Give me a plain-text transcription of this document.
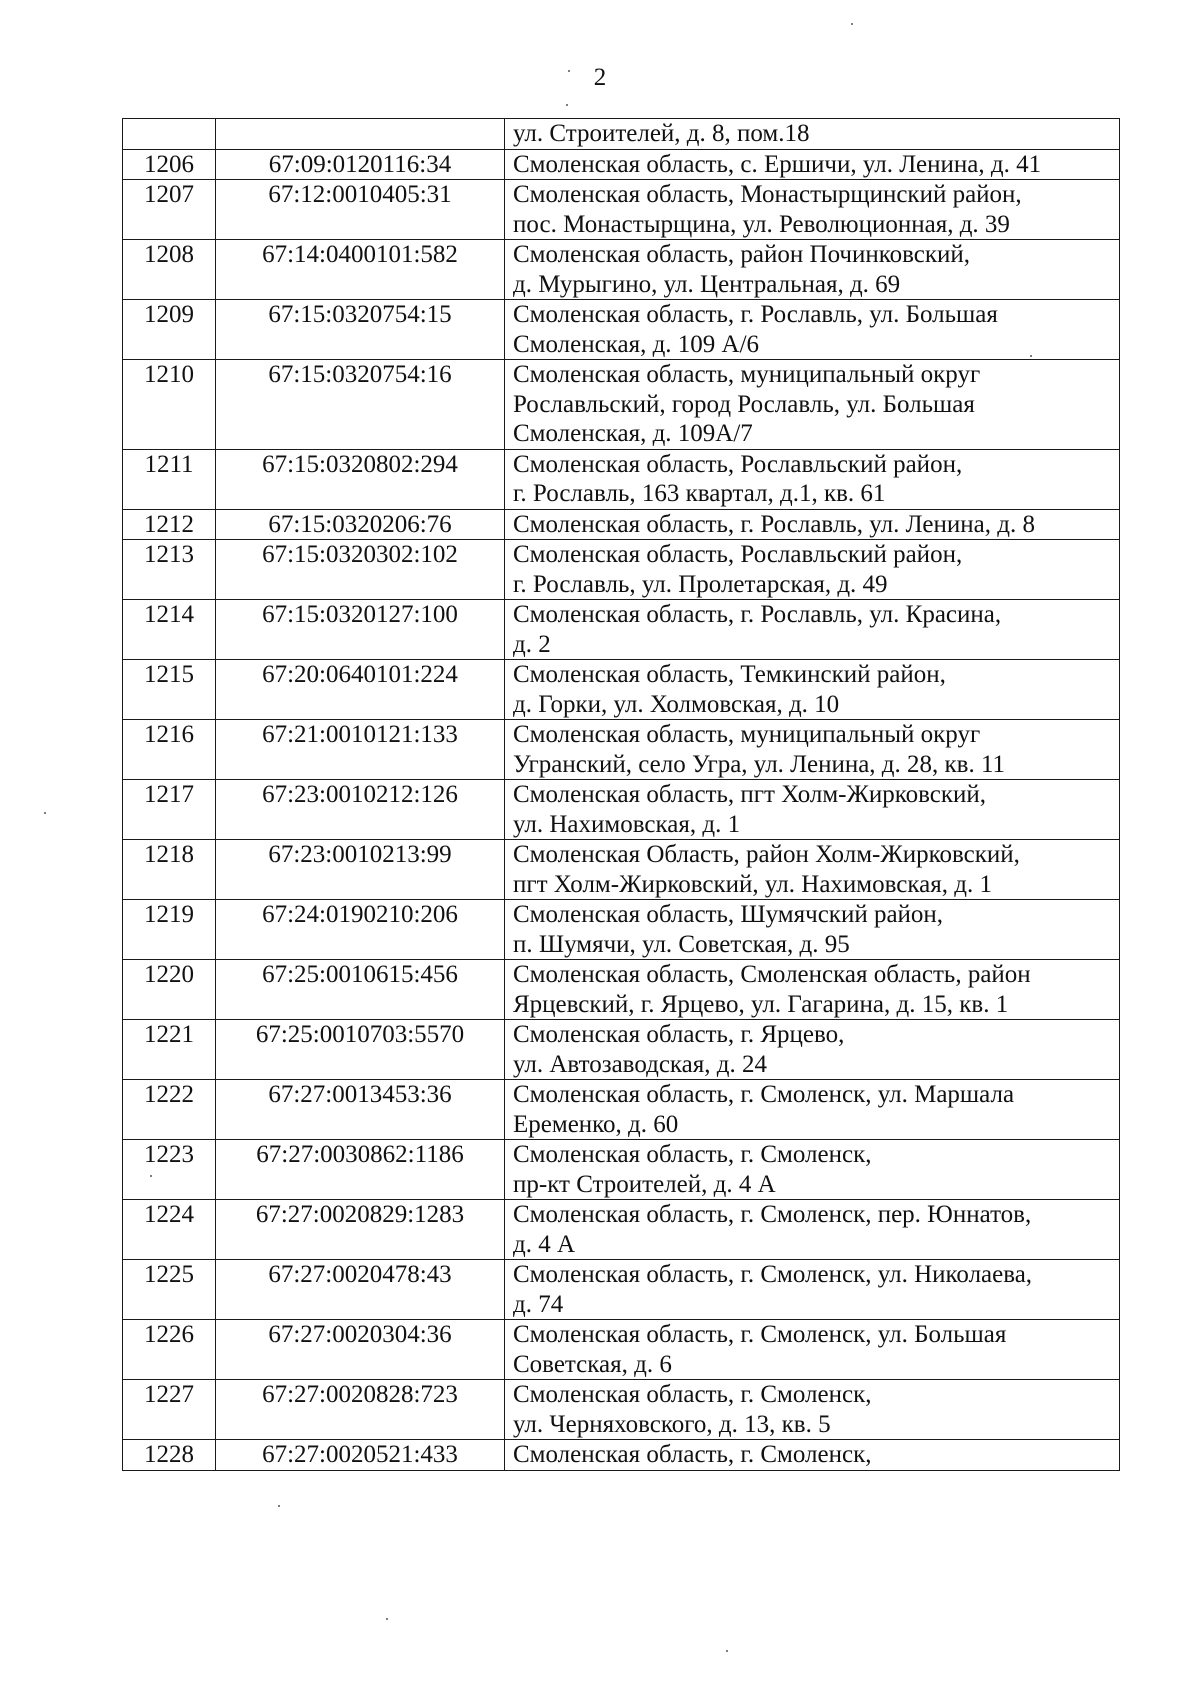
2

		ул. Строителей, д. 8, пом.18

1206	67:09:0120116:34	Смоленская область, с. Ершичи, ул. Ленина, д. 41

1207	67:12:0010405:31	Смоленская область, Монастырщинский район,
пос. Монастырщина, ул. Революционная, д. 39

1208	67:14:0400101:582	Смоленская область, район Починковский,
д. Мурыгино, ул. Центральная, д. 69

1209	67:15:0320754:15	Смоленская область, г. Рославль, ул. Большая
Смоленская, д. 109 А/6

1210	67:15:0320754:16	Смоленская область, муниципальный округ
Рославльский, город Рославль, ул. Большая
Смоленская, д. 109А/7

1211	67:15:0320802:294	Смоленская область, Рославльский район,
г. Рославль, 163 квартал, д.1, кв. 61

1212	67:15:0320206:76	Смоленская область, г. Рославль, ул. Ленина, д. 8

1213	67:15:0320302:102	Смоленская область, Рославльский район,
г. Рославль, ул. Пролетарская, д. 49

1214	67:15:0320127:100	Смоленская область, г. Рославль, ул. Красина,
д. 2

1215	67:20:0640101:224	Смоленская область, Темкинский район,
д. Горки, ул. Холмовская, д. 10

1216	67:21:0010121:133	Смоленская область, муниципальный округ
Угранский, село Угра, ул. Ленина, д. 28, кв. 11

1217	67:23:0010212:126	Смоленская область, пгт Холм-Жирковский,
ул. Нахимовская, д. 1

1218	67:23:0010213:99	Смоленская Область, район Холм-Жирковский,
пгт Холм-Жирковский, ул. Нахимовская, д. 1

1219	67:24:0190210:206	Смоленская область, Шумячский район,
п. Шумячи, ул. Советская, д. 95

1220	67:25:0010615:456	Смоленская область, Смоленская область, район
Ярцевский, г. Ярцево, ул. Гагарина, д. 15, кв. 1

1221	67:25:0010703:5570	Смоленская область, г. Ярцево,
ул. Автозаводская, д. 24

1222	67:27:0013453:36	Смоленская область, г. Смоленск, ул. Маршала
Еременко, д. 60

1223	67:27:0030862:1186	Смоленская область, г. Смоленск,
пр-кт Строителей, д. 4 А

1224	67:27:0020829:1283	Смоленская область, г. Смоленск, пер. Юннатов,
д. 4 А

1225	67:27:0020478:43	Смоленская область, г. Смоленск, ул. Николаева,
д. 74

1226	67:27:0020304:36	Смоленская область, г. Смоленск, ул. Большая
Советская, д. 6

1227	67:27:0020828:723	Смоленская область, г. Смоленск,
ул. Черняховского, д. 13, кв. 5

1228	67:27:0020521:433	Смоленская область, г. Смоленск,
